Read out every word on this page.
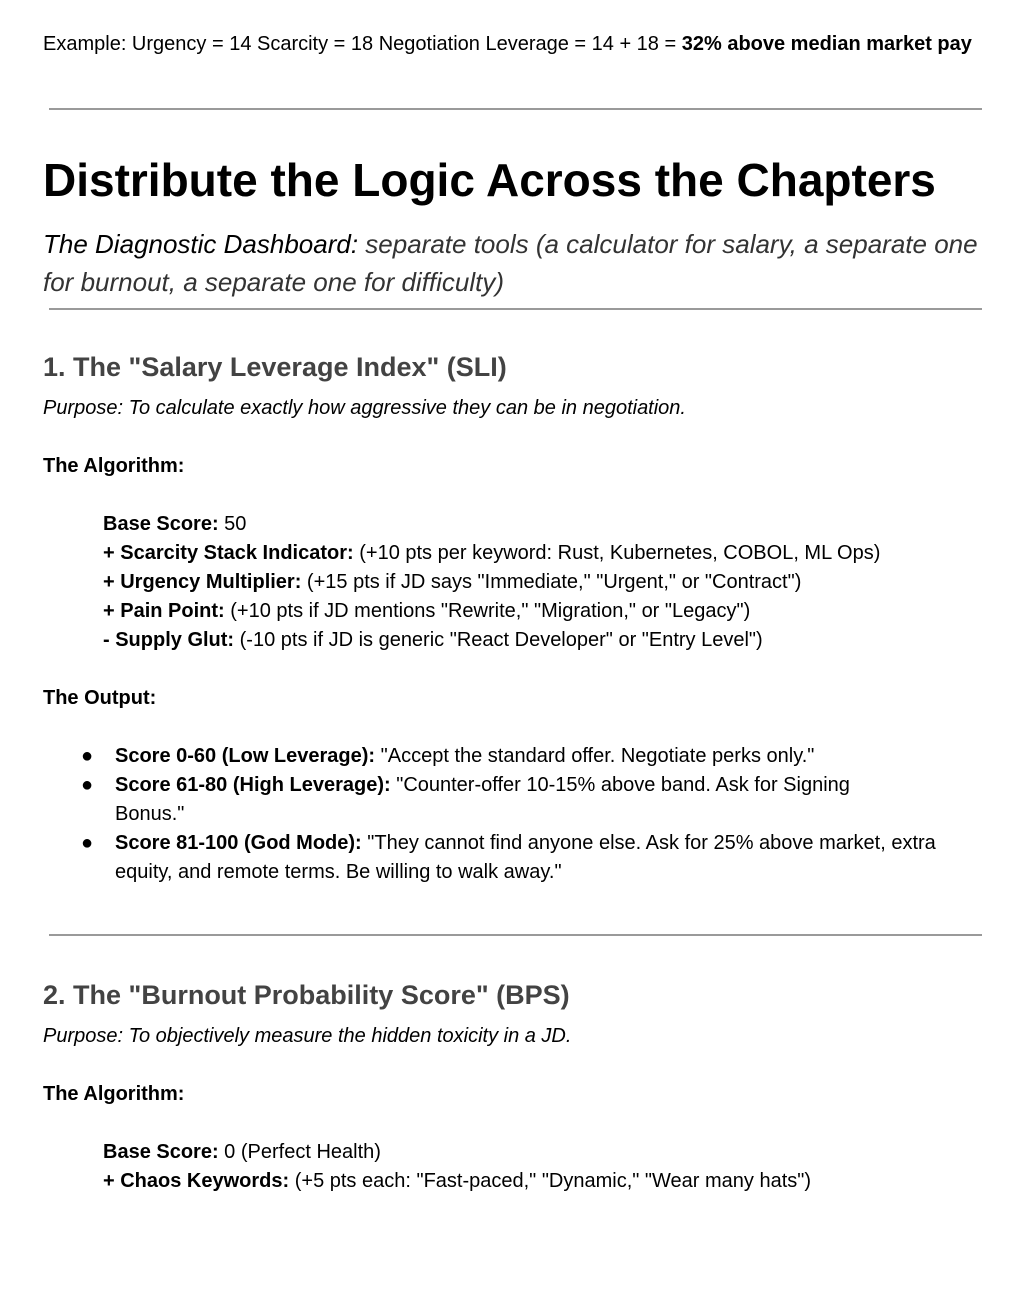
Example: Urgency = 14 Scarcity = 18 Negotiation Leverage = 14 + 18 = 32% above median market pay

Distribute the Logic Across the Chapters

The Diagnostic Dashboard: separate tools (a calculator for salary, a separate one for burnout, a separate one for difficulty)

1. The "Salary Leverage Index" (SLI)

Purpose: To calculate exactly how aggressive they can be in negotiation.

The Algorithm:

Base Score: 50
+ Scarcity Stack Indicator: (+10 pts per keyword: Rust, Kubernetes, COBOL, ML Ops)
+ Urgency Multiplier: (+15 pts if JD says "Immediate," "Urgent," or "Contract")
+ Pain Point: (+10 pts if JD mentions "Rewrite," "Migration," or "Legacy")
- Supply Glut: (-10 pts if JD is generic "React Developer" or "Entry Level")

The Output:

● Score 0-60 (Low Leverage): "Accept the standard offer. Negotiate perks only."
● Score 61-80 (High Leverage): "Counter-offer 10-15% above band. Ask for Signing Bonus."
● Score 81-100 (God Mode): "They cannot find anyone else. Ask for 25% above market, extra equity, and remote terms. Be willing to walk away."
2. The "Burnout Probability Score" (BPS)

Purpose: To objectively measure the hidden toxicity in a JD.

The Algorithm:

Base Score: 0 (Perfect Health)
+ Chaos Keywords: (+5 pts each: "Fast-paced," "Dynamic," "Wear many hats")
